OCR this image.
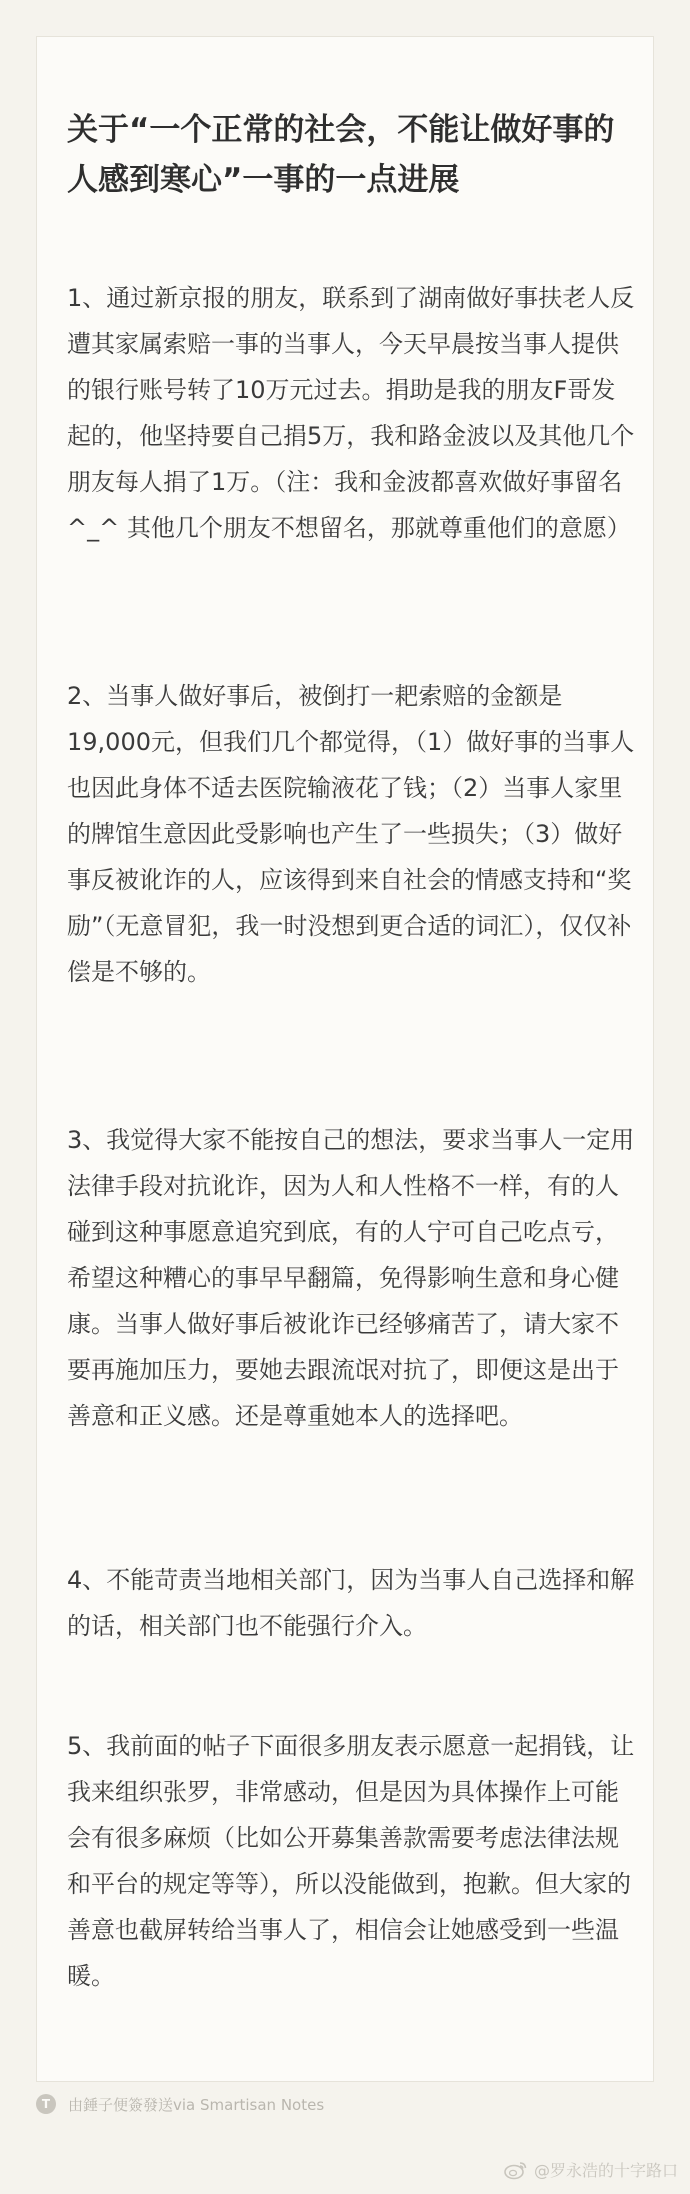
关于“一个正常的社会，不能让做好事的人感到寒心”一事的一点进展

1、通过新京报的朋友，联系到了湖南做好事扶老人反遭其家属索赔一事的当事人，今天早晨按当事人提供的银行账号转了10万元过去。捐助是我的朋友F哥发起的，他坚持要自己捐5万，我和路金波以及其他几个朋友每人捐了1万。（注：我和金波都喜欢做好事留名^_^ 其他几个朋友不想留名，那就尊重他们的意愿）

2、当事人做好事后，被倒打一耙索赔的金额是19,000元，但我们几个都觉得，（1）做好事的当事人也因此身体不适去医院输液花了钱；（2）当事人家里的牌馆生意因此受影响也产生了一些损失；（3）做好事反被讹诈的人，应该得到来自社会的情感支持和“奖励”（无意冒犯，我一时没想到更合适的词汇），仅仅补偿是不够的。

3、我觉得大家不能按自己的想法，要求当事人一定用法律手段对抗讹诈，因为人和人性格不一样，有的人碰到这种事愿意追究到底，有的人宁可自己吃点亏，希望这种糟心的事早早翻篇，免得影响生意和身心健康。当事人做好事后被讹诈已经够痛苦了，请大家不要再施加压力，要她去跟流氓对抗了，即便这是出于善意和正义感。还是尊重她本人的选择吧。

4、不能苛责当地相关部门，因为当事人自己选择和解的话，相关部门也不能强行介入。

5、我前面的帖子下面很多朋友表示愿意一起捐钱，让我来组织张罗，非常感动，但是因为具体操作上可能会有很多麻烦（比如公开募集善款需要考虑法律法规和平台的规定等等），所以没能做到，抱歉。但大家的善意也截屏转给当事人了，相信会让她感受到一些温暖。

T	由錘子便簽發送via Smartisan Notes
@罗永浩的十字路口
